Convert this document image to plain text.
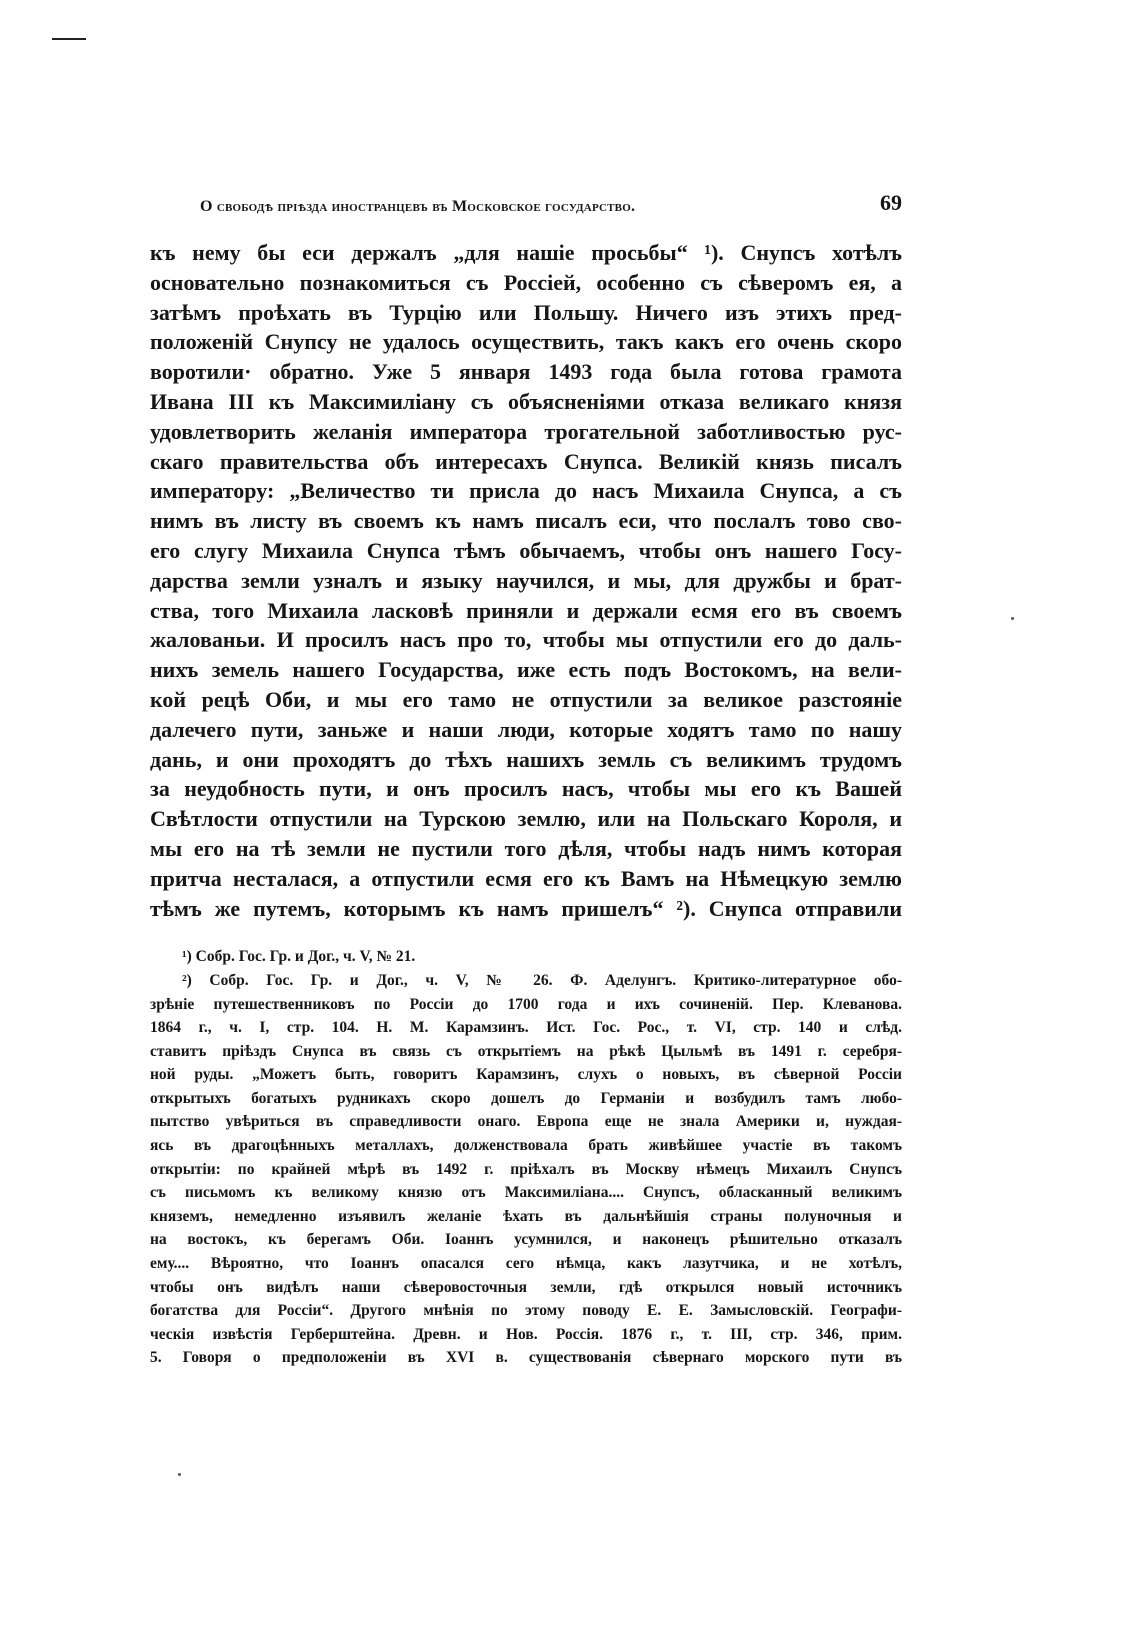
О свободѣ пріѣзда иностранцевъ въ Московское государство.	69
къ нему бы еси держалъ „для нашіе просьбы“ ¹). Снупсъ хотѣлъ
основательно познакомиться съ Россіей, особенно съ сѣверомъ ея, а
затѣмъ проѣхать въ Турцію или Польшу. Ничего изъ этихъ пред-
положеній Снупсу не удалось осуществить, такъ какъ его очень скоро
воротили· обратно. Уже 5 января 1493 года была готова грамота
Ивана III къ Максимиліану съ объясненіями отказа великаго князя
удовлетворить желанія императора трогательной заботливостью рус-
скаго правительства объ интересахъ Снупса. Великій князь писалъ
императору: „Величество ти присла до насъ Михаила Снупса, а съ
нимъ въ листу въ своемъ къ намъ писалъ еси, что послалъ тово сво-
его слугу Михаила Снупса тѣмъ обычаемъ, чтобы онъ нашего Госу-
дарства земли узналъ и языку научился, и мы, для дружбы и брат-
ства, того Михаила ласковѣ приняли и держали есмя его въ своемъ
жалованьи. И просилъ насъ про то, чтобы мы отпустили его до даль-
нихъ земель нашего Государства, иже есть подъ Востокомъ, на вели-
кой рецѣ Оби, и мы его тамо не отпустили за великое разстояніе
далечего пути, заньже и наши люди, которые ходятъ тамо по нашу
дань, и они проходятъ до тѣхъ нашихъ земль съ великимъ трудомъ
за неудобность пути, и онъ просилъ насъ, чтобы мы его къ Вашей
Свѣтлости отпустили на Турскою землю, или на Польскаго Короля, и
мы его на тѣ земли не пустили того дѣля, чтобы надъ нимъ которая
притча несталася, а отпустили есмя его къ Вамъ на Нѣмецкую землю
тѣмъ же путемъ, которымъ къ намъ пришелъ“ ²). Снупса отправили
¹) Собр. Гос. Гр. и Дог., ч. V, № 21.
²) Собр. Гос. Гр. и Дог., ч. V, № 26. Ф. Аделунгъ. Критико-литературное обо-
зрѣніе путешественниковъ по Россіи до 1700 года и ихъ сочиненій. Пер. Клеванова.
1864 г., ч. I, стр. 104. Н. М. Карамзинъ. Ист. Гос. Рос., т. VI, стр. 140 и слѣд.
ставитъ пріѣздъ Снупса въ связь съ открытіемъ на рѣкѣ Цыльмѣ въ 1491 г. серебря-
ной руды. „Можетъ быть, говоритъ Карамзинъ, слухъ о новыхъ, въ сѣверной Россіи
открытыхъ богатыхъ рудникахъ скоро дошелъ до Германіи и возбудилъ тамъ любо-
пытство увѣриться въ справедливости онаго. Европа еще не знала Америки и, нуждая-
ясь въ драгоцѣнныхъ металлахъ, долженствовала брать живѣйшее участіе въ такомъ
открытіи: по крайней мѣрѣ въ 1492 г. пріѣхалъ въ Москву нѣмецъ Михаилъ Снупсъ
съ письмомъ къ великому князю отъ Максимиліана.... Снупсъ, обласканный великимъ
княземъ, немедленно изъявилъ желаніе ѣхать въ дальнѣйшія страны полуночныя и
на востокъ, къ берегамъ Оби. Іоаннъ усумнился, и наконецъ рѣшительно отказалъ
ему.... Вѣроятно, что Іоаннъ опасался сего нѣмца, какъ лазутчика, и не хотѣлъ,
чтобы онъ видѣлъ наши сѣверовосточныя земли, гдѣ открылся новый источникъ
богатства для Россіи“. Другого мнѣнія по этому поводу Е. Е. Замысловскій. Географи-
ческія извѣстія Герберштейна. Древн. и Нов. Россія. 1876 г., т. III, стр. 346, прим.
5. Говоря о предположеніи въ XVI в. существованія сѣвернаго морского пути въ
